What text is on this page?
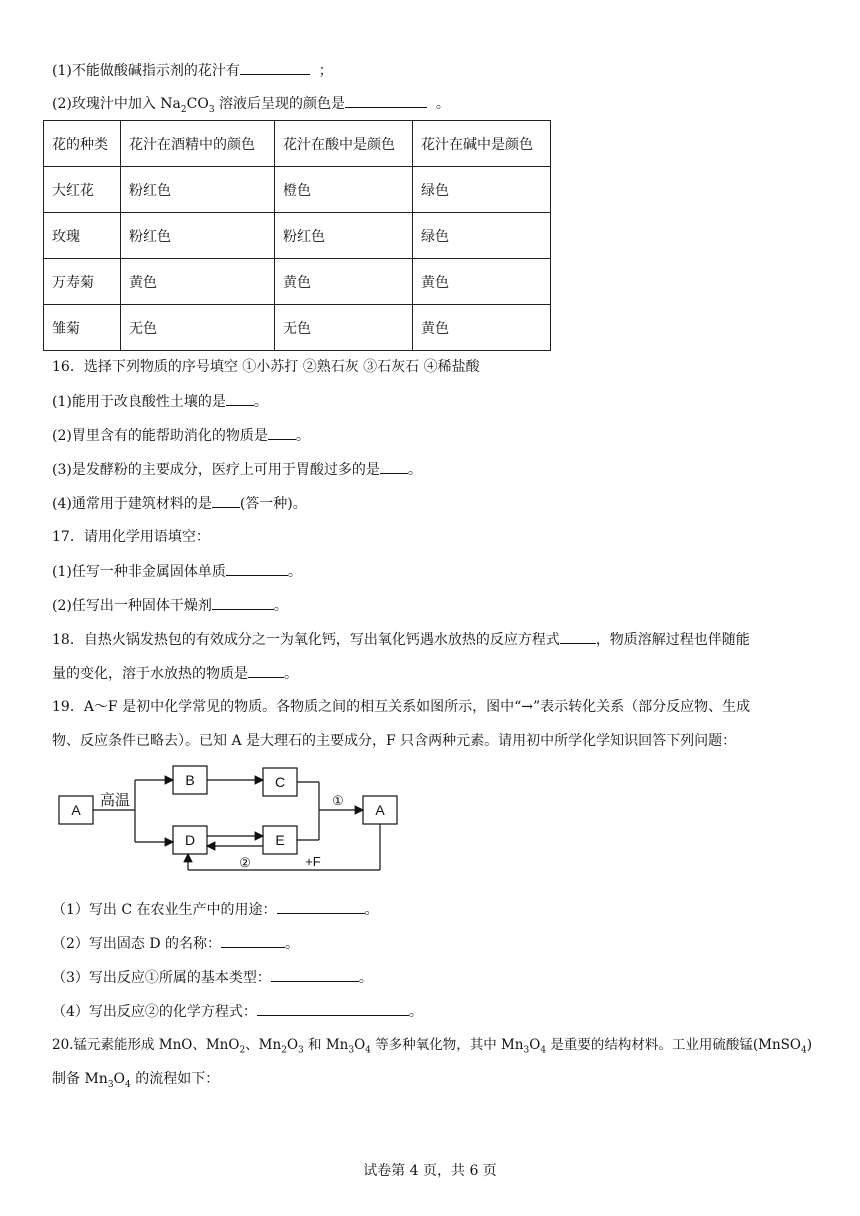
(1)不能做酸碱指示剂的花汁有	；
(2)玫瑰汁中加入 $Na_2CO_3$ 溶液后呈现的颜色是	。
花的种类	花汁在酒精中的颜色	花汁在酸中是颜色	花汁在碱中是颜色
大红花	粉红色	橙色	绿色
玫瑰	粉红色	粉红色	绿色
万寿菊	黄色	黄色	黄色
雏菊	无色	无色	黄色
16．选择下列物质的序号填空 ①小苏打 ②熟石灰 ③石灰石 ④稀盐酸
(1)能用于改良酸性土壤的是 。
(2)胃里含有的能帮助消化的物质是 。
(3)是发酵粉的主要成分，医疗上可用于胃酸过多的是 。
(4)通常用于建筑材料的是 (答一种)。
17．请用化学用语填空：
(1)任写一种非金属固体单质	。
(2)任写出一种固体干燥剂	。
18．自热火锅发热包的有效成分之一为氧化钙，写出氧化钙遇水放热的反应方程式	，物质溶解过程也伴随能
量的变化，溶于水放热的物质是	。
19．A～F 是初中化学常见的物质。各物质之间的相互关系如图所示，图中“→”表示转化关系（部分反应物、生成
物、反应条件已略去）。已知 A 是大理石的主要成分，F 只含两种元素。请用初中所学化学知识回答下列问题：
A
B	C
D	E
A
高温	①
②	+F
（1）写出 C 在农业生产中的用途：	。
（2）写出固态 D 的名称：	。
（3）写出反应①所属的基本类型：	。
（4）写出反应②的化学方程式：	。
20.锰元素能形成 MnO、MnO$_2$、$Mn_2O_3$ 和 $Mn_3O_4$ 等多种氧化物，其中 $Mn_3O_4$ 是重要的结构材料。工业用硫酸锰(MnSO$_4$)
制备 $Mn_3O_4$ 的流程如下：
试卷第 4 页，共 6 页
